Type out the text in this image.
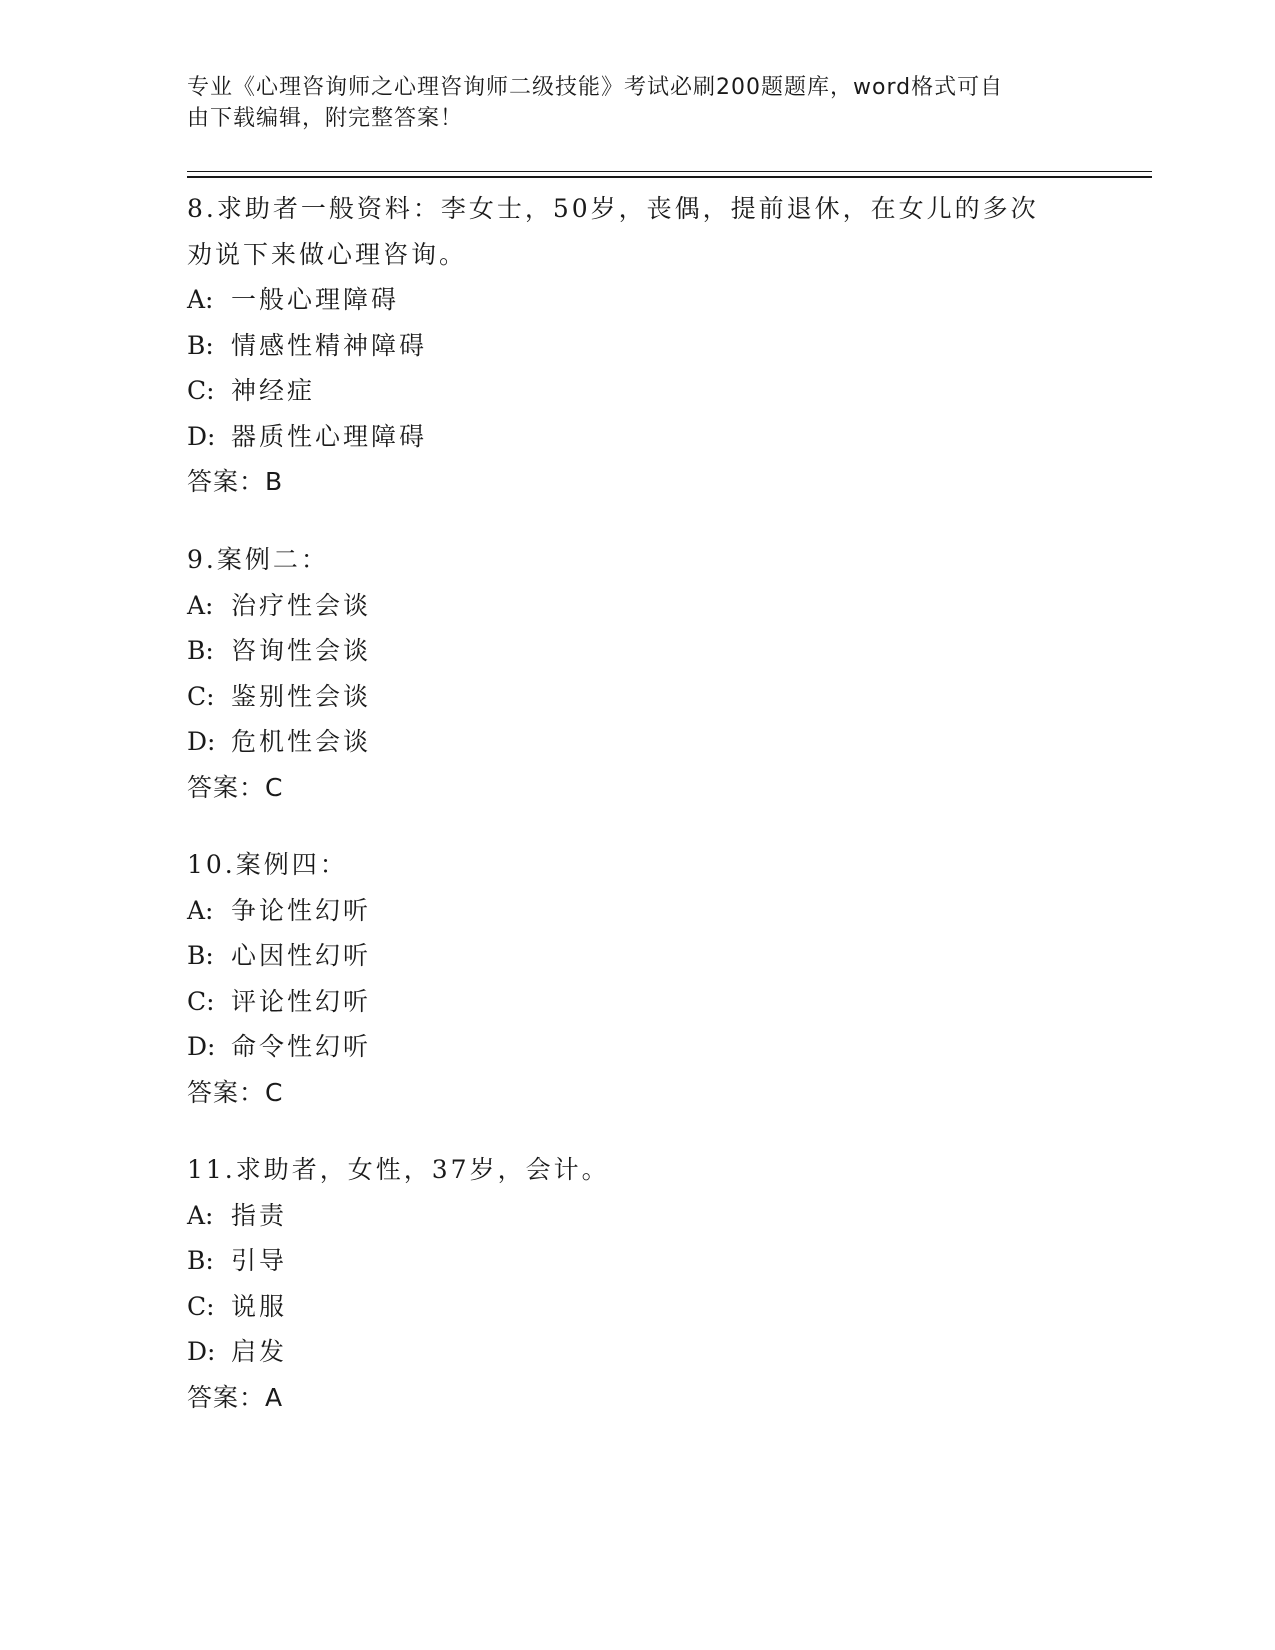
专业《心理咨询师之心理咨询师二级技能》考试必刷200题题库，word格式可自
由下载编辑，附完整答案！
8.求助者一般资料：李女士，50岁，丧偶，提前退休，在女儿的多次
劝说下来做心理咨询。
A: 一般心理障碍
B: 情感性精神障碍
C: 神经症
D: 器质性心理障碍
答案：B
9.案例二：
A: 治疗性会谈
B: 咨询性会谈
C: 鉴别性会谈
D: 危机性会谈
答案：C
10.案例四：
A: 争论性幻听
B: 心因性幻听
C: 评论性幻听
D: 命令性幻听
答案：C
11.求助者，女性，37岁，会计。
A: 指责
B: 引导
C: 说服
D: 启发
答案：A
